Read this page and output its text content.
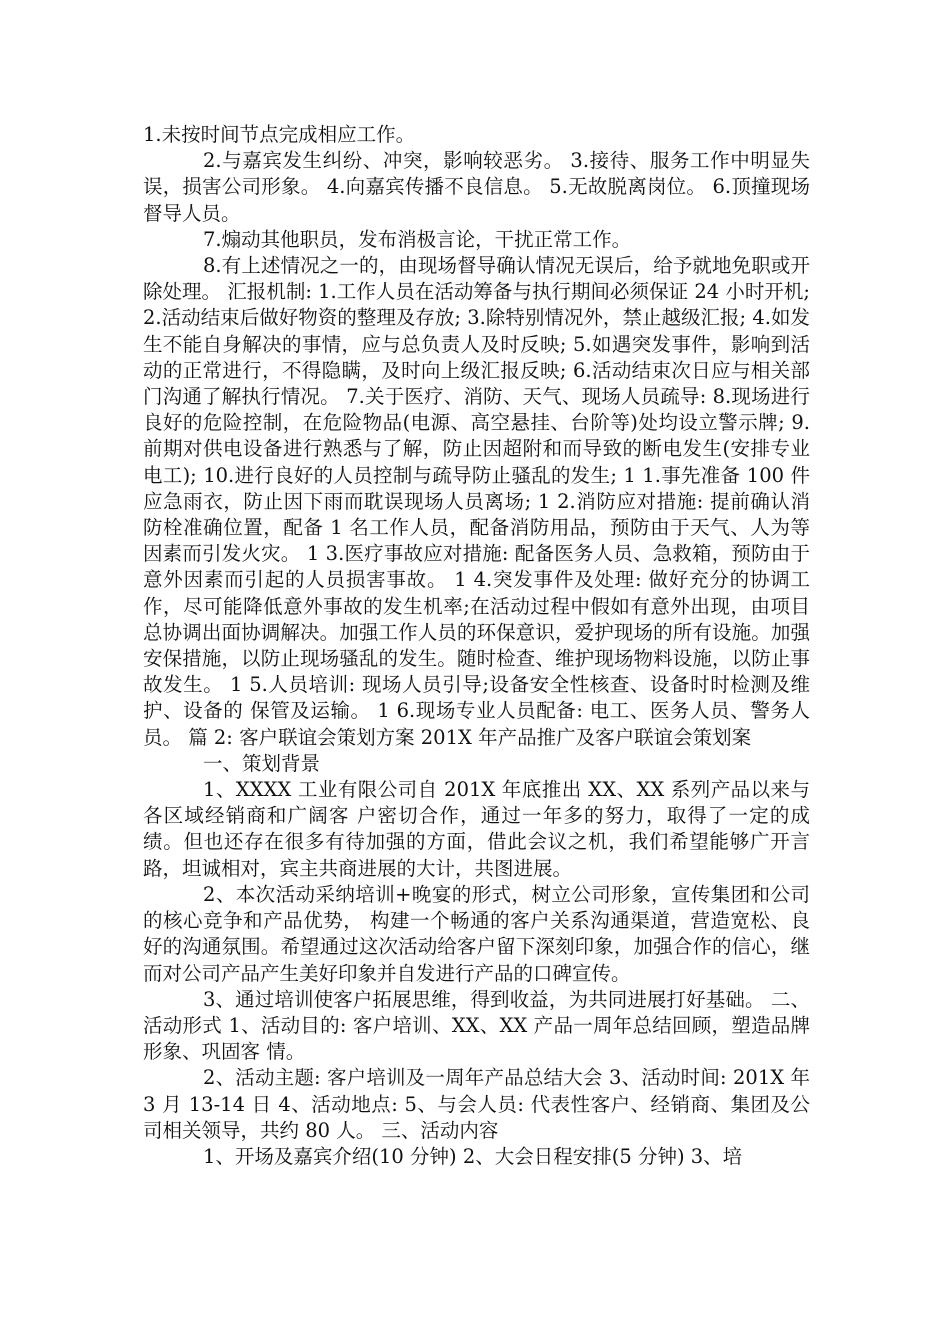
1.未按时间节点完成相应工作。

2.与嘉宾发生纠纷、冲突，影响较恶劣。 3.接待、服务工作中明显失误，损害公司形象。 4.向嘉宾传播不良信息。 5.无故脱离岗位。 6.顶撞现场督导人员。

7.煽动其他职员，发布消极言论，干扰正常工作。

8.有上述情况之一的，由现场督导确认情况无误后，给予就地免职或开除处理。 汇报机制: 1.工作人员在活动筹备与执行期间必须保证 24 小时开机; 2.活动结束后做好物资的整理及存放; 3.除特别情况外，禁止越级汇报; 4.如发生不能自身解决的事情，应与总负责人及时反映; 5.如遇突发事件，影响到活动的正常进行，不得隐瞒，及时向上级汇报反映; 6.活动结束次日应与相关部门沟通了解执行情况。 7.关于医疗、消防、天气、现场人员疏导: 8.现场进行良好的危险控制，在危险物品(电源、高空悬挂、台阶等)处均设立警示牌; 9.前期对供电设备进行熟悉与了解，防止因超附和而导致的断电发生(安排专业电工); 10.进行良好的人员控制与疏导防止骚乱的发生; 1 1.事先准备 100 件应急雨衣，防止因下雨而耽误现场人员离场; 1 2.消防应对措施: 提前确认消防栓准确位置，配备 1 名工作人员，配备消防用品，预防由于天气、人为等因素而引发火灾。 1 3.医疗事故应对措施: 配备医务人员、急救箱，预防由于意外因素而引起的人员损害事故。 1 4.突发事件及处理: 做好充分的协调工作，尽可能降低意外事故的发生机率;在活动过程中假如有意外出现，由项目总协调出面协调解决。加强工作人员的环保意识，爱护现场的所有设施。加强安保措施，以防止现场骚乱的发生。随时检查、维护现场物料设施，以防止事故发生。 1 5.人员培训: 现场人员引导;设备安全性核查、设备时时检测及维护、设备的 保管及运输。 1 6.现场专业人员配备: 电工、医务人员、警务人员。 篇 2: 客户联谊会策划方案 201X 年产品推广及客户联谊会策划案

一、策划背景

1、XXXX 工业有限公司自 201X 年底推出 XX、XX 系列产品以来与各区域经销商和广阔客 户密切合作，通过一年多的努力，取得了一定的成绩。但也还存在很多有待加强的方面，借此会议之机，我们希望能够广开言路，坦诚相对，宾主共商进展的大计，共图进展。

2、本次活动采纳培训+晚宴的形式，树立公司形象，宣传集团和公司的核心竞争和产品优势， 构建一个畅通的客户关系沟通渠道，营造宽松、良好的沟通氛围。希望通过这次活动给客户留下深刻印象，加强合作的信心，继而对公司产品产生美好印象并自发进行产品的口碑宣传。

3、通过培训使客户拓展思维，得到收益，为共同进展打好基础。 二、活动形式 1、活动目的: 客户培训、XX、XX 产品一周年总结回顾，塑造品牌形象、巩固客 情。

2、活动主题: 客户培训及一周年产品总结大会 3、活动时间: 201X 年 3 月 13-14 日 4、活动地点: 5、与会人员: 代表性客户、经销商、集团及公司相关领导，共约 80 人。 三、活动内容

1、开场及嘉宾介绍(10 分钟) 2、大会日程安排(5 分钟) 3、培
